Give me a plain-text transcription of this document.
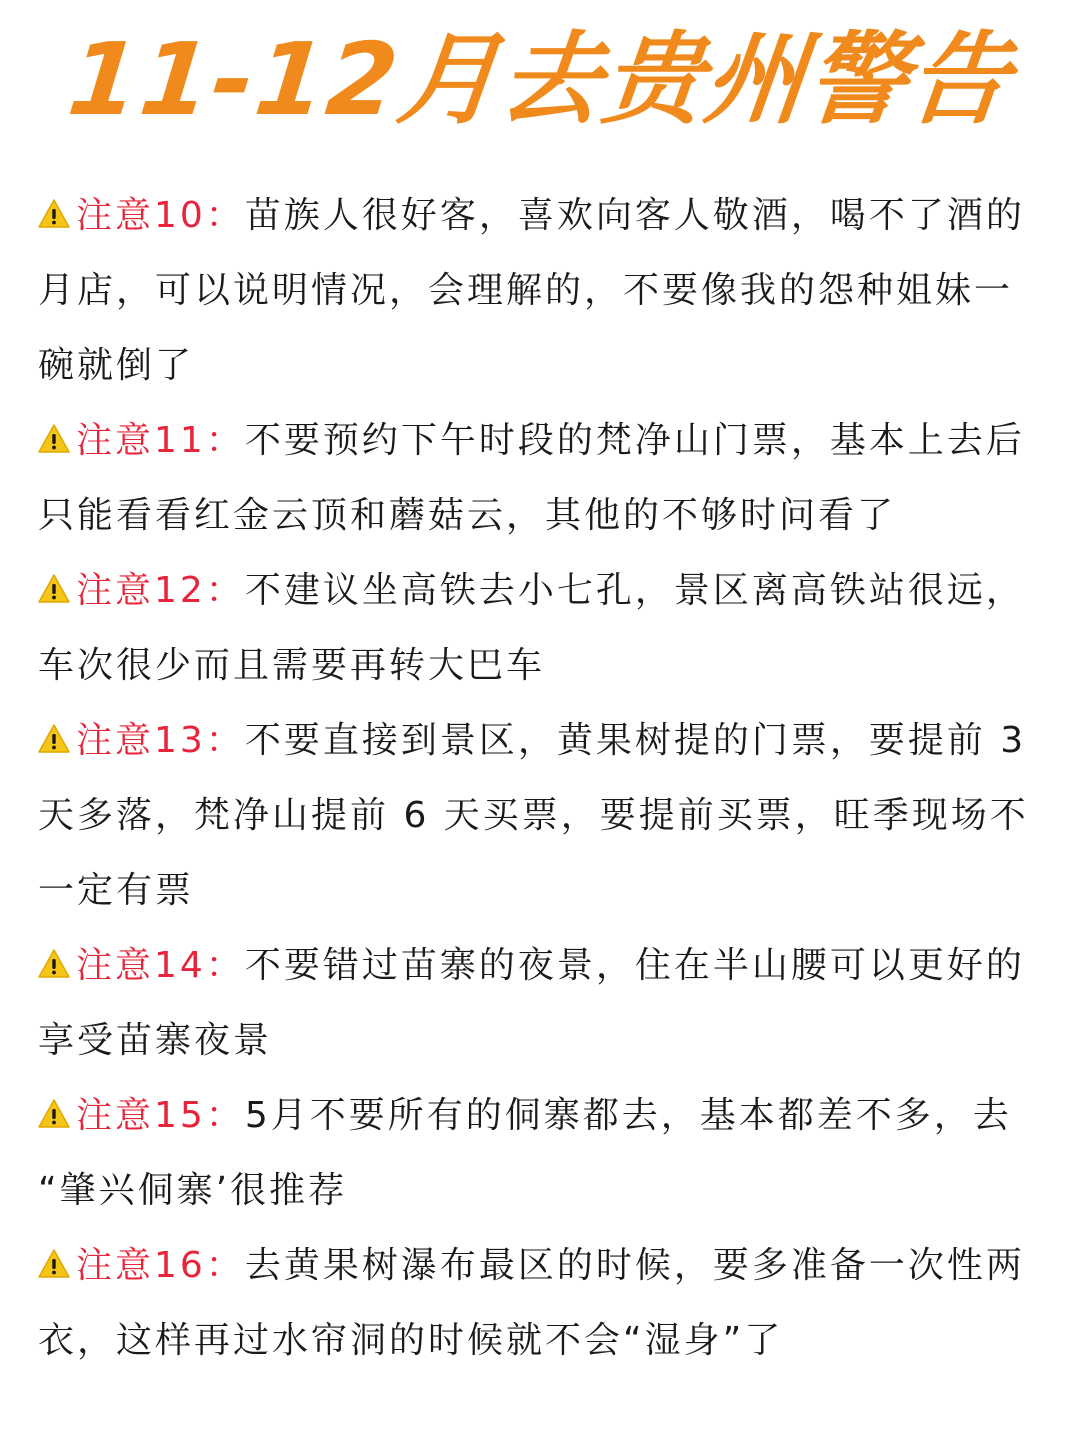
11-12月去贵州警告
注意10：苗族人很好客，喜欢向客人敬酒，喝不了酒的月店，可以说明情况，会理解的，不要像我的怨种姐妹一碗就倒了
注意11：不要预约下午时段的梵净山门票，基本上去后只能看看红金云顶和蘑菇云，其他的不够时问看了
注意12：不建议坐高铁去小七孔，景区离高铁站很远，车次很少而且需要再转大巴车
注意13：不要直接到景区，黄果树提的门票，要提前 3 天多落，梵净山提前 6 天买票，要提前买票，旺季现场不一定有票
注意14：不要错过苗寨的夜景，住在半山腰可以更好的享受苗寨夜景
注意15：5月不要所有的侗寨都去，基本都差不多，去 “肇兴侗寨’很推荐
注意16：去黄果树瀑布最区的时候，要多准备一次性两衣，这样再过水帘洞的时候就不会“湿身”了
